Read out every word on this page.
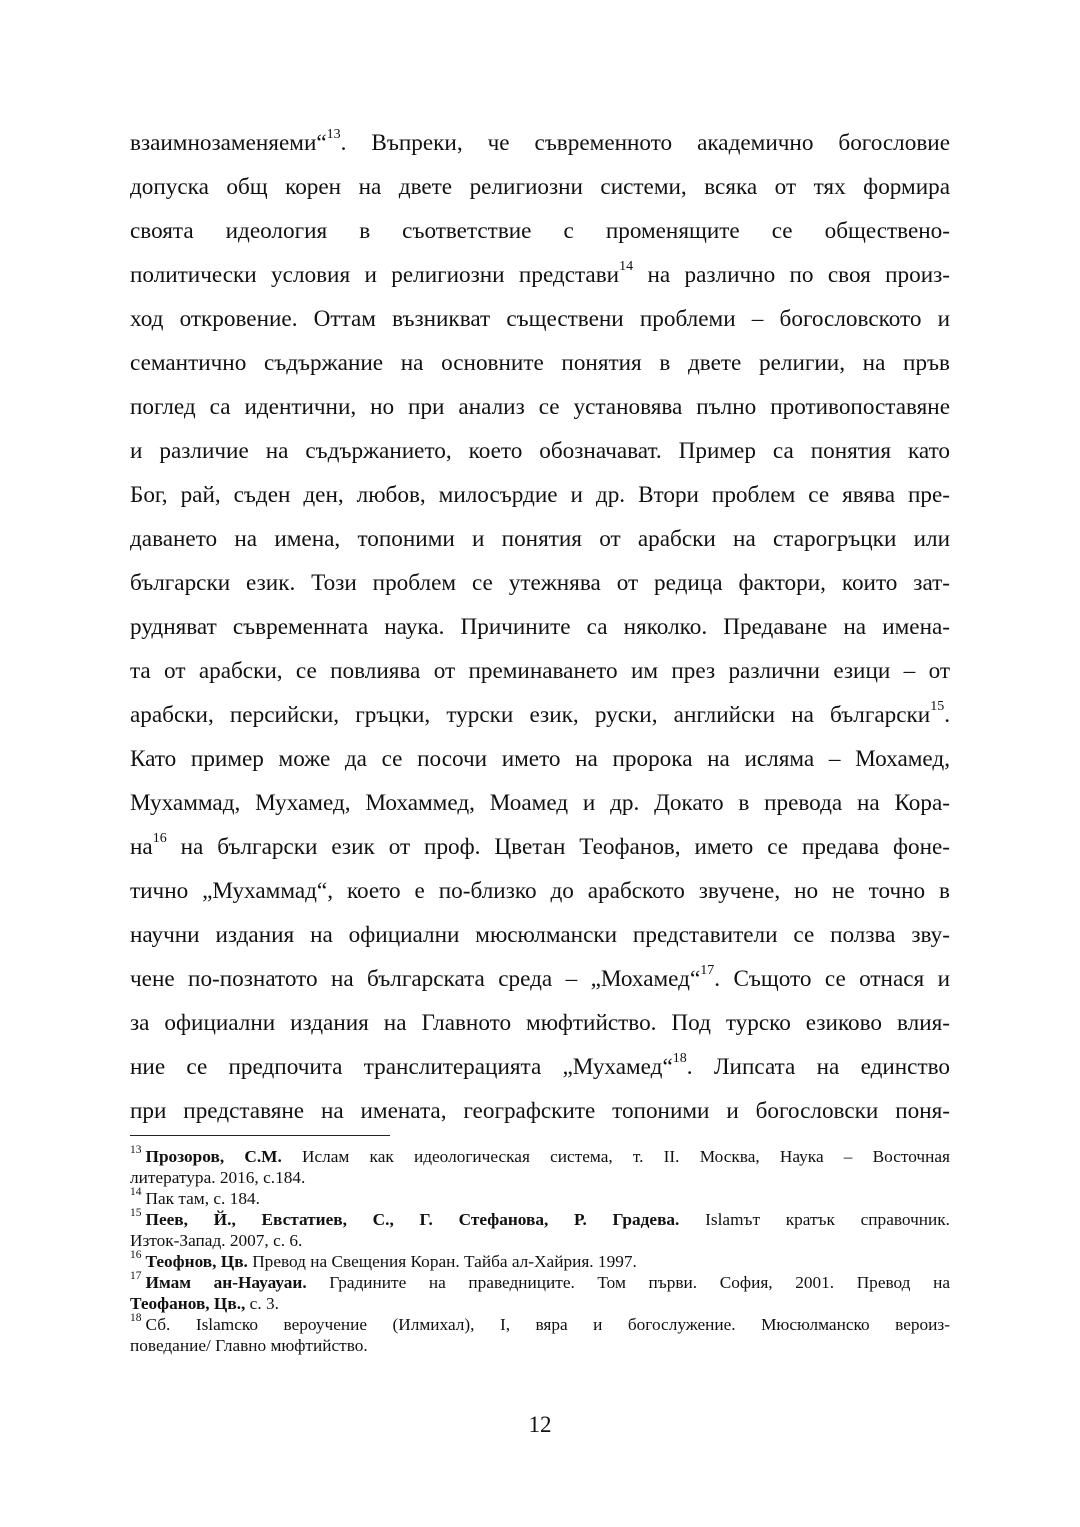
взаимнозаменяеми“$^{13}$. Въпреки, че съвременното академично богословие
допуска общ корен на двете религиозни системи, всяка от тях формира
своята идеология в съответствие с променящите се обществено-
политически условия и религиозни представи$^{14}$ на различно по своя произ-
ход откровение. Оттам възникват съществени проблеми – богословското и
семантично съдържание на основните понятия в двете религии, на пръв
поглед са идентични, но при анализ се установява пълно противопоставяне
и различие на съдържанието, което обозначават. Пример са понятия като
Бог, рай, съден ден, любов, милосърдие и др. Втори проблем се явява пре-
даването на имена, топоними и понятия от арабски на старогръцки или
български език. Този проблем се утежнява от редица фактори, които зат-
рудняват съвременната наука. Причините са няколко. Предаване на имена-
та от арабски, се повлиява от преминаването им през различни езици – от
арабски, персийски, гръцки, турски език, руски, английски на български$^{15}$.
Като пример може да се посочи името на пророка на исляма – Мохамед,
Мухаммад, Мухамед, Мохаммед, Моамед и др. Докато в превода на Кора-
$на^{16}$ на български език от проф. Цветан Теофанов, името се предава фоне-
тично „Мухаммад“, което е по-близко до арабското звучене, но не точно в
научни издания на официални мюсюлмански представители се ползва зву-
чене по-познатото на българската среда – „Мохамед“$^{17}$. Същото се отнася и
за официални издания на Главното мюфтийство. Под турско езиково влия-
ние се предпочита транслитерацията „Мухамед“$^{18}$. Липсата на единство
при представяне на имената, географските топоними и богословски поня-
$^{13}$ Прозоров, С.М. Ислам как идеологическая система, т. II. Москва, Наука – Восточная
литература. 2016, с.184.
$^{14}$ Пак там, с. 184.
$^{15}$ Пеев, Й., Евстатиев, С., Г. Стефанова, Р. Градева. Islamът кратък справочник.
Изток-Запад. 2007, с. 6.
$^{16}$ Теофнов, Цв. Превод на Свещения Коран. Тайба ал-Хайрия. 1997.
$^{17}$ Имам ан-Науауаи. Градините на праведниците. Том първи. София, 2001. Превод на
Теофанов, Цв., с. 3.
$^{18}$ Сб. Islamско вероучение (Илмихал), I, вяра и богослужение. Мюсюлманско вероиз-
поведание/ Главно мюфтийство.
12
